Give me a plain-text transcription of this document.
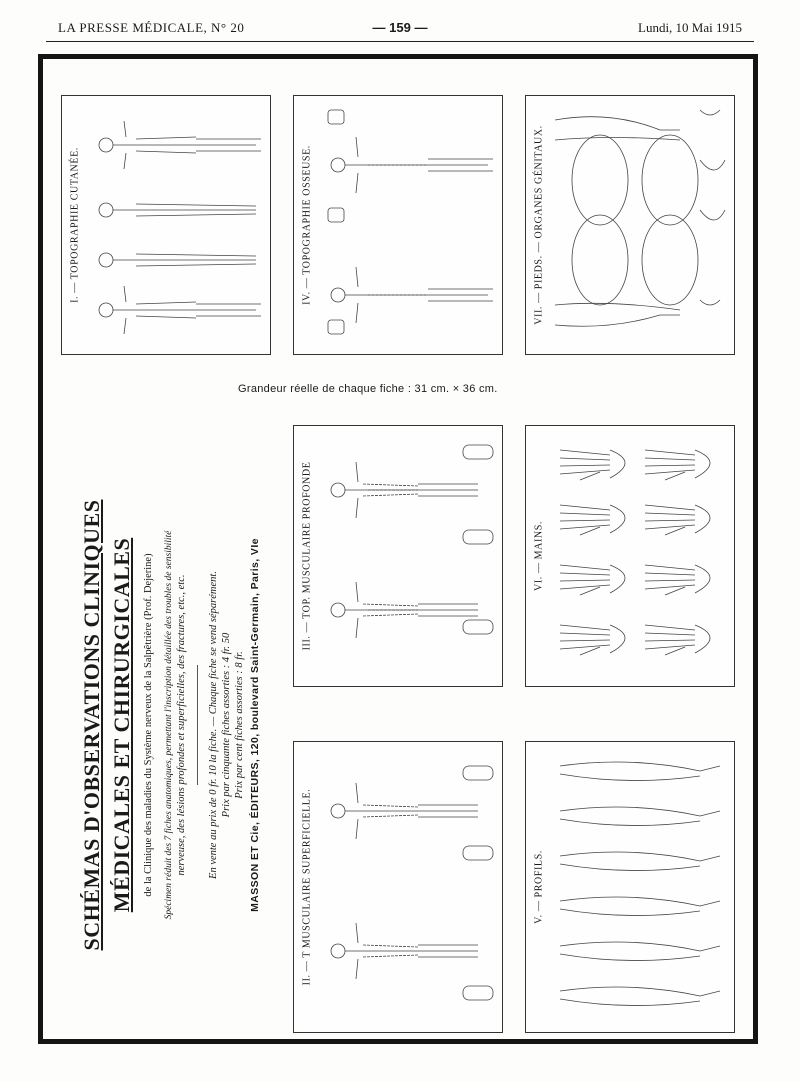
LA PRESSE MÉDICALE, N° 20	— 159 —	Lundi, 10 Mai 1915
I. — TOPOGRAPHIE CUTANÉE.	IV. — TOPOGRAPHIE OSSEUSE.	VII. — PIEDS. — ORGANES GÉNITAUX.
Grandeur réelle de chaque fiche : 31 cm. × 36 cm.
III. — TOP. MUSCULAIRE PROFONDE	VI. — MAINS.
II. — T MUSCULAIRE SUPERFICIELLE.	V. — PROFILS.
SCHÉMAS D'OBSERVATIONS CLINIQUES MÉDICALES ET CHIRURGICALES de la Clinique des maladies du Système nerveux de la Salpêtrière (Prof. Dejerine) Spécimen réduit des 7 fiches anatomiques, permettant l'inscription détaillée des troubles de sensibilité nerveuse, des lésions profondes et superficielles, des fractures, etc., etc. En vente au prix de 0 fr. 10 la fiche. — Chaque fiche se vend séparément. Prix par cinquante fiches assorties : 4 fr. 50 Prix par cent fiches assorties : 8 fr. MASSON ET Cie, ÉDITEURS, 120, boulevard Saint-Germain, Paris, VIe
